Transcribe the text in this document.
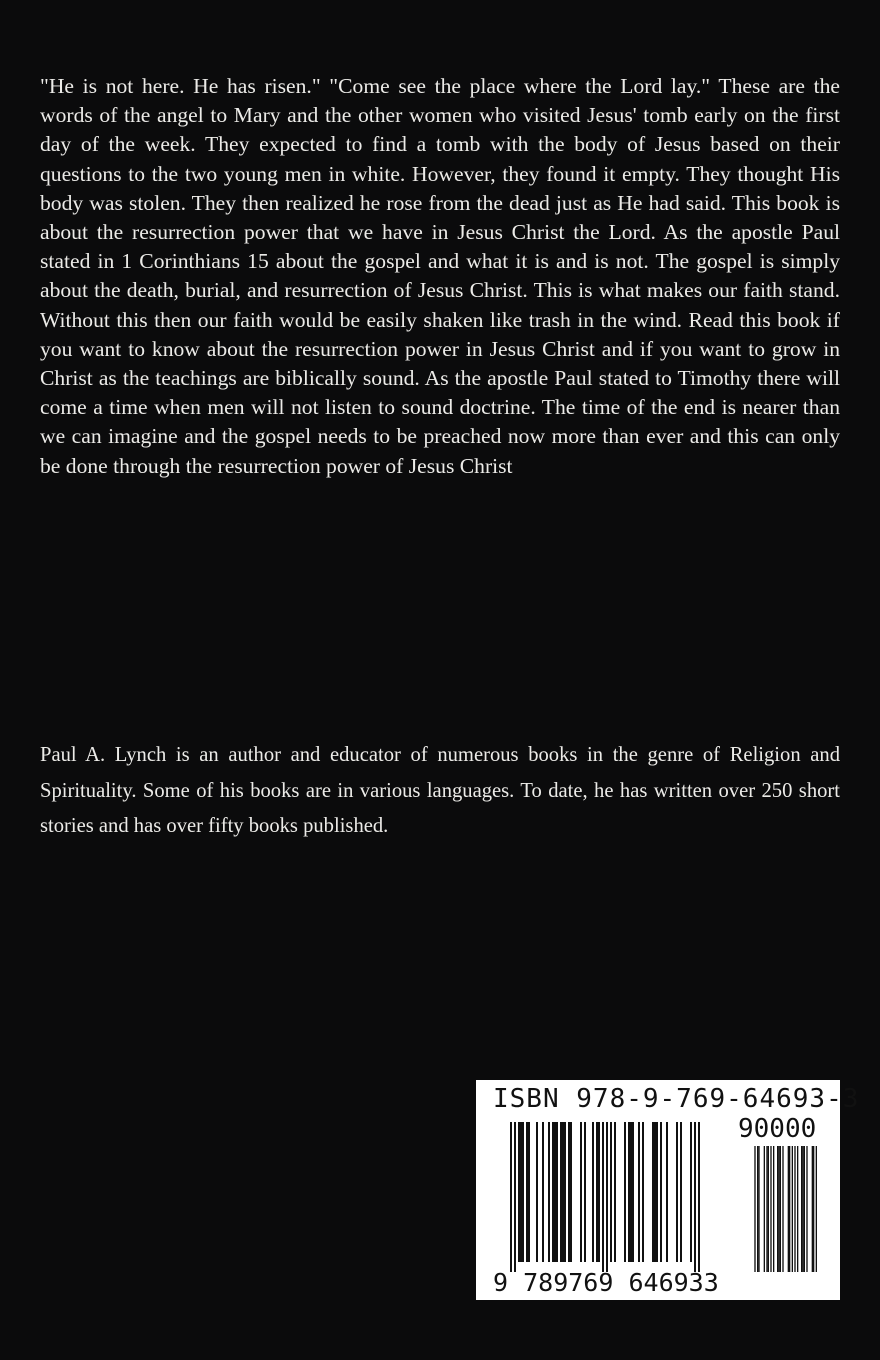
"He is not here. He has risen." "Come see the place where the Lord lay." These are the words of the angel to Mary and the other women who visited Jesus' tomb early on the first day of the week. They expected to find a tomb with the body of Jesus based on their questions to the two young men in white. However, they found it empty. They thought His body was stolen. They then realized he rose from the dead just as He had said. This book is about the resurrection power that we have in Jesus Christ the Lord. As the apostle Paul stated in 1 Corinthians 15 about the gospel and what it is and is not. The gospel is simply about the death, burial, and resurrection of Jesus Christ. This is what makes our faith stand. Without this then our faith would be easily shaken like trash in the wind. Read this book if you want to know about the resurrection power in Jesus Christ and if you want to grow in Christ as the teachings are biblically sound. As the apostle Paul stated to Timothy there will come a time when men will not listen to sound doctrine. The time of the end is nearer than we can imagine and the gospel needs to be preached now more than ever and this can only be done through the resurrection power of Jesus Christ

Paul A. Lynch is an author and educator of numerous books in the genre of Religion and Spirituality. Some of his books are in various languages. To date, he has written over 250 short stories and has over fifty books published.

ISBN 978-9-769-64693-3
90000
9 789769 646933
